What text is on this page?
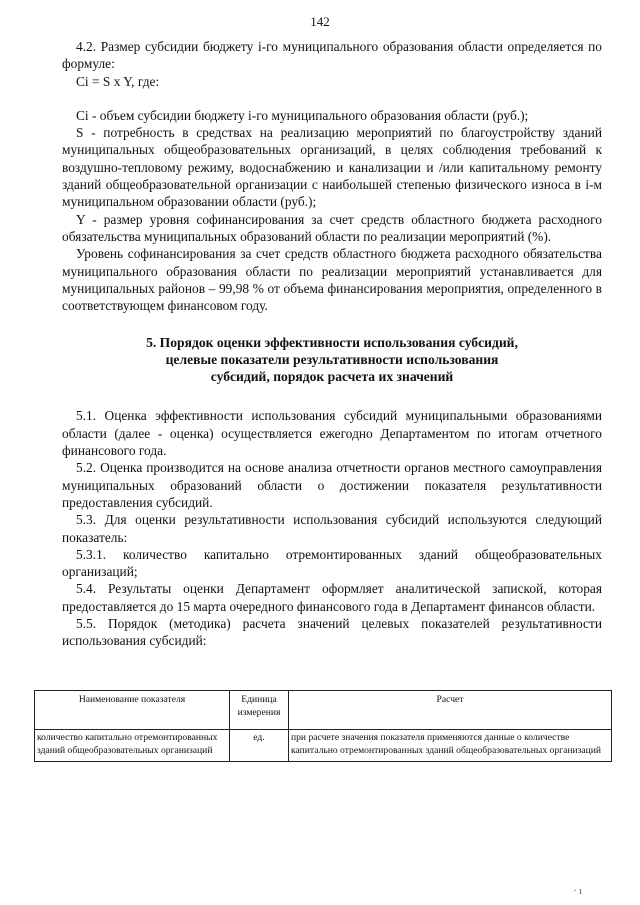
142

4.2. Размер субсидии бюджету i-го муниципального образования области определяется по формуле:

Ci = S x Y, где:

Ci - объем субсидии бюджету i-го муниципального образования области (руб.);

S - потребность в средствах на реализацию мероприятий по благоустройству зданий муниципальных общеобразовательных организаций, в целях соблюдения требований к воздушно-тепловому режиму, водоснабжению и канализации и /или капитальному ремонту зданий общеобразовательной организации с наибольшей степенью физического износа в i-м муниципальном образовании области (руб.);

Y - размер уровня софинансирования за счет средств областного бюджета расходного обязательства муниципальных образований области по реализации мероприятий (%).

Уровень софинансирования за счет средств областного бюджета расходного обязательства муниципального образования области по реализации мероприятий устанавливается для муниципальных районов – 99,98 % от объема финансирования мероприятия, определенного в соответствующем финансовом году.

5. Порядок оценки эффективности использования субсидий,
целевые показатели результативности использования
субсидий, порядок расчета их значений

5.1. Оценка эффективности использования субсидий муниципальными образованиями области (далее - оценка) осуществляется ежегодно Департаментом по итогам отчетного финансового года.

5.2. Оценка производится на основе анализа отчетности органов местного самоуправления муниципальных образований области о достижении показателя результативности предоставления субсидий.

5.3. Для оценки результативности использования субсидий используются следующий показатель:

5.3.1. количество капитально отремонтированных зданий общеобразовательных организаций;

5.4. Результаты оценки Департамент оформляет аналитической запиской, которая предоставляется до 15 марта очередного финансового года в Департамент финансов области.

5.5. Порядок (методика) расчета значений целевых показателей результативности использования субсидий:

Наименование показателя	Единица измерения	Расчет
количество капитально отремонтированных зданий общеобразовательных организаций	ед.	при расчете значения показателя применяются данные о количестве капитально отремонтированных зданий общеобразовательных организаций
· ı
